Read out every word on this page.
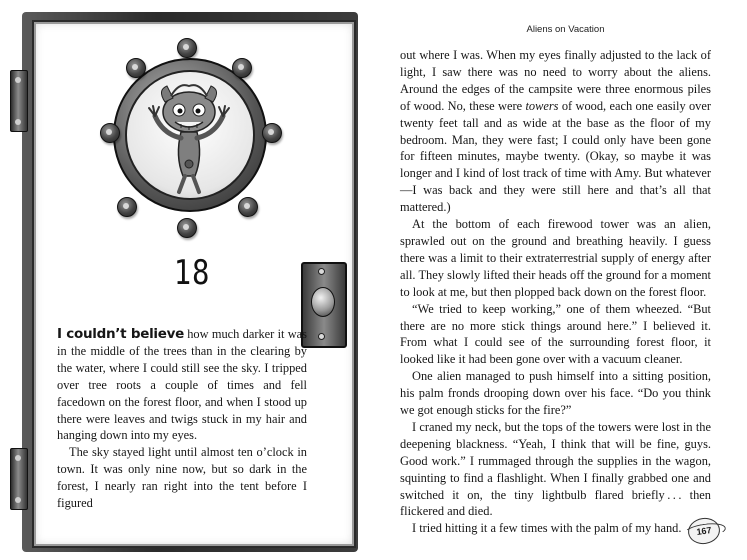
18

I couldn’t believe how much darker it was in the middle of the trees than in the clearing by the water, where I could still see the sky. I tripped over tree roots a couple of times and fell facedown on the forest floor, and when I stood up there were leaves and twigs stuck in my hair and hanging down into my eyes.

The sky stayed light until almost ten o’clock in town. It was only nine now, but so dark in the forest, I nearly ran right into the tent before I figured

Aliens on Vacation

out where I was. When my eyes finally adjusted to the lack of light, I saw there was no need to worry about the aliens. Around the edges of the campsite were three enormous piles of wood. No, these were towers of wood, each one easily over twenty feet tall and as wide at the base as the floor of my bedroom. Man, they were fast; I could only have been gone for fifteen minutes, maybe twenty. (Okay, so maybe it was longer and I kind of lost track of time with Amy. But whatever—I was back and they were still here and that’s all that mattered.)

At the bottom of each firewood tower was an alien, sprawled out on the ground and breathing heavily. I guess there was a limit to their extraterrestrial supply of energy after all. They slowly lifted their heads off the ground for a moment to look at me, but then plopped back down on the forest floor.

“We tried to keep working,” one of them wheezed. “But there are no more stick things around here.” I believed it. From what I could see of the surrounding forest floor, it looked like it had been gone over with a vacuum cleaner.

One alien managed to push himself into a sitting position, his palm fronds drooping down over his face. “Do you think we got enough sticks for the fire?”

I craned my neck, but the tops of the towers were lost in the deepening blackness. “Yeah, I think that will be fine, guys. Good work.” I rummaged through the supplies in the wagon, squinting to find a flashlight. When I finally grabbed one and switched it on, the tiny lightbulb flared briefly . . . then flickered and died.

I tried hitting it a few times with the palm of my hand.	167
